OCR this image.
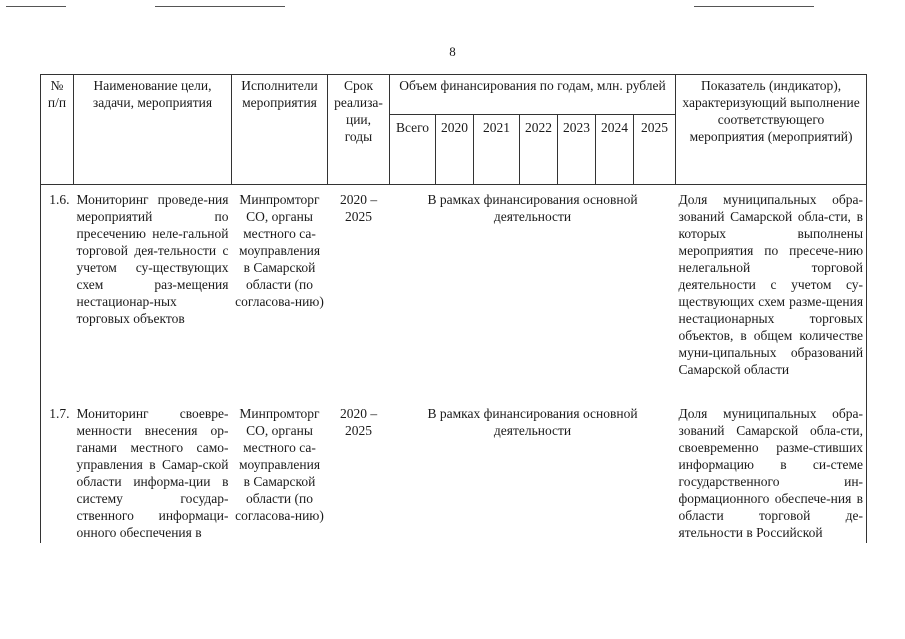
8
№ п/п	Наименование цели, задачи, мероприятия	Исполнители мероприятия	Срок реализа-ции, годы	Объем финансирования по годам, млн. рублей							Показатель (индикатор), характеризующий выполнение соответствующего мероприятия (мероприятий)
				Всего	2020	2021	2022	2023	2024	2025	
1.6.	Мониторинг проведе-ния мероприятий по пресечению неле-гальной торговой дея-тельности с учетом су-ществующих схем раз-мещения нестационар-ных торговых объектов	Минпромторг СО, органы местного са-моуправления в Самарской области (по согласова-нию)	2020 – 2025	В рамках финансирования основной деятельности							Доля муниципальных обра-зований Самарской обла-сти, в которых выполнены мероприятия по пресече-нию нелегальной торговой деятельности с учетом су-ществующих схем разме-щения нестационарных торговых объектов, в общем количестве муни-ципальных образований Самарской области
1.7.	Мониторинг своевре-менности внесения ор-ганами местного само-управления в Самар-ской области информа-ции в систему государ-ственного информаци-онного обеспечения в	Минпромторг СО, органы местного са-моуправления в Самарской области (по согласова-нию)	2020 – 2025	В рамках финансирования основной деятельности							Доля муниципальных обра-зований Самарской обла-сти, своевременно разме-стивших информацию в си-стеме государственного ин-формационного обеспече-ния в области торговой де-ятельности в Российской
